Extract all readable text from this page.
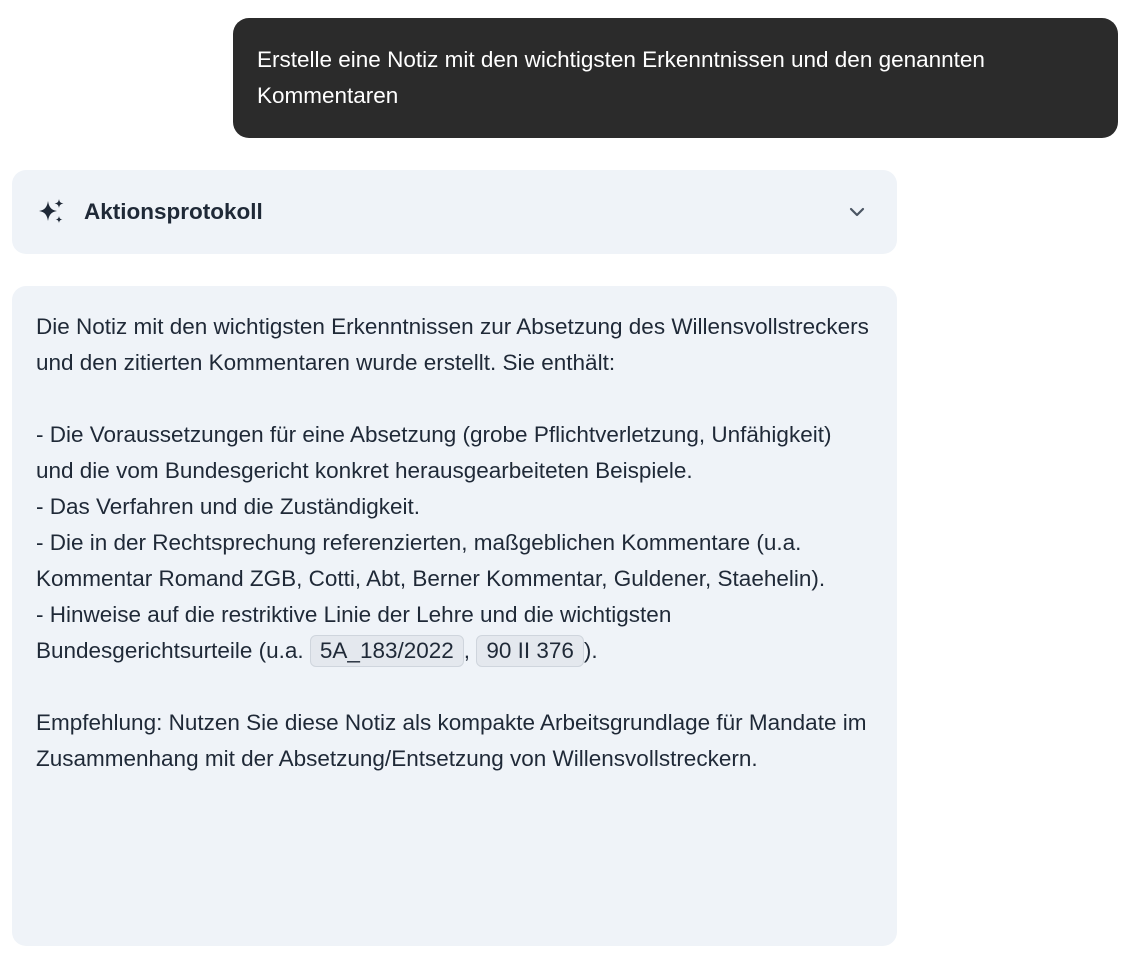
Erstelle eine Notiz mit den wichtigsten Erkenntnissen und den genannten Kommentaren
Aktionsprotokoll

Die Notiz mit den wichtigsten Erkenntnissen zur Absetzung des Willensvollstreckers und den zitierten Kommentaren wurde erstellt. Sie enthält:

- Die Voraussetzungen für eine Absetzung (grobe Pflichtverletzung, Unfähigkeit) und die vom Bundesgericht konkret herausgearbeiteten Beispiele.

- Das Verfahren und die Zuständigkeit.

- Die in der Rechtsprechung referenzierten, maßgeblichen Kommentare (u.a. Kommentar Romand ZGB, Cotti, Abt, Berner Kommentar, Guldener, Staehelin).

- Hinweise auf die restriktive Linie der Lehre und die wichtigsten Bundesgerichtsurteile (u.a. 5A_183/2022 , 90 II 376 ).

Empfehlung: Nutzen Sie diese Notiz als kompakte Arbeitsgrundlage für Mandate im Zusammenhang mit der Absetzung/Entsetzung von Willensvollstreckern.
